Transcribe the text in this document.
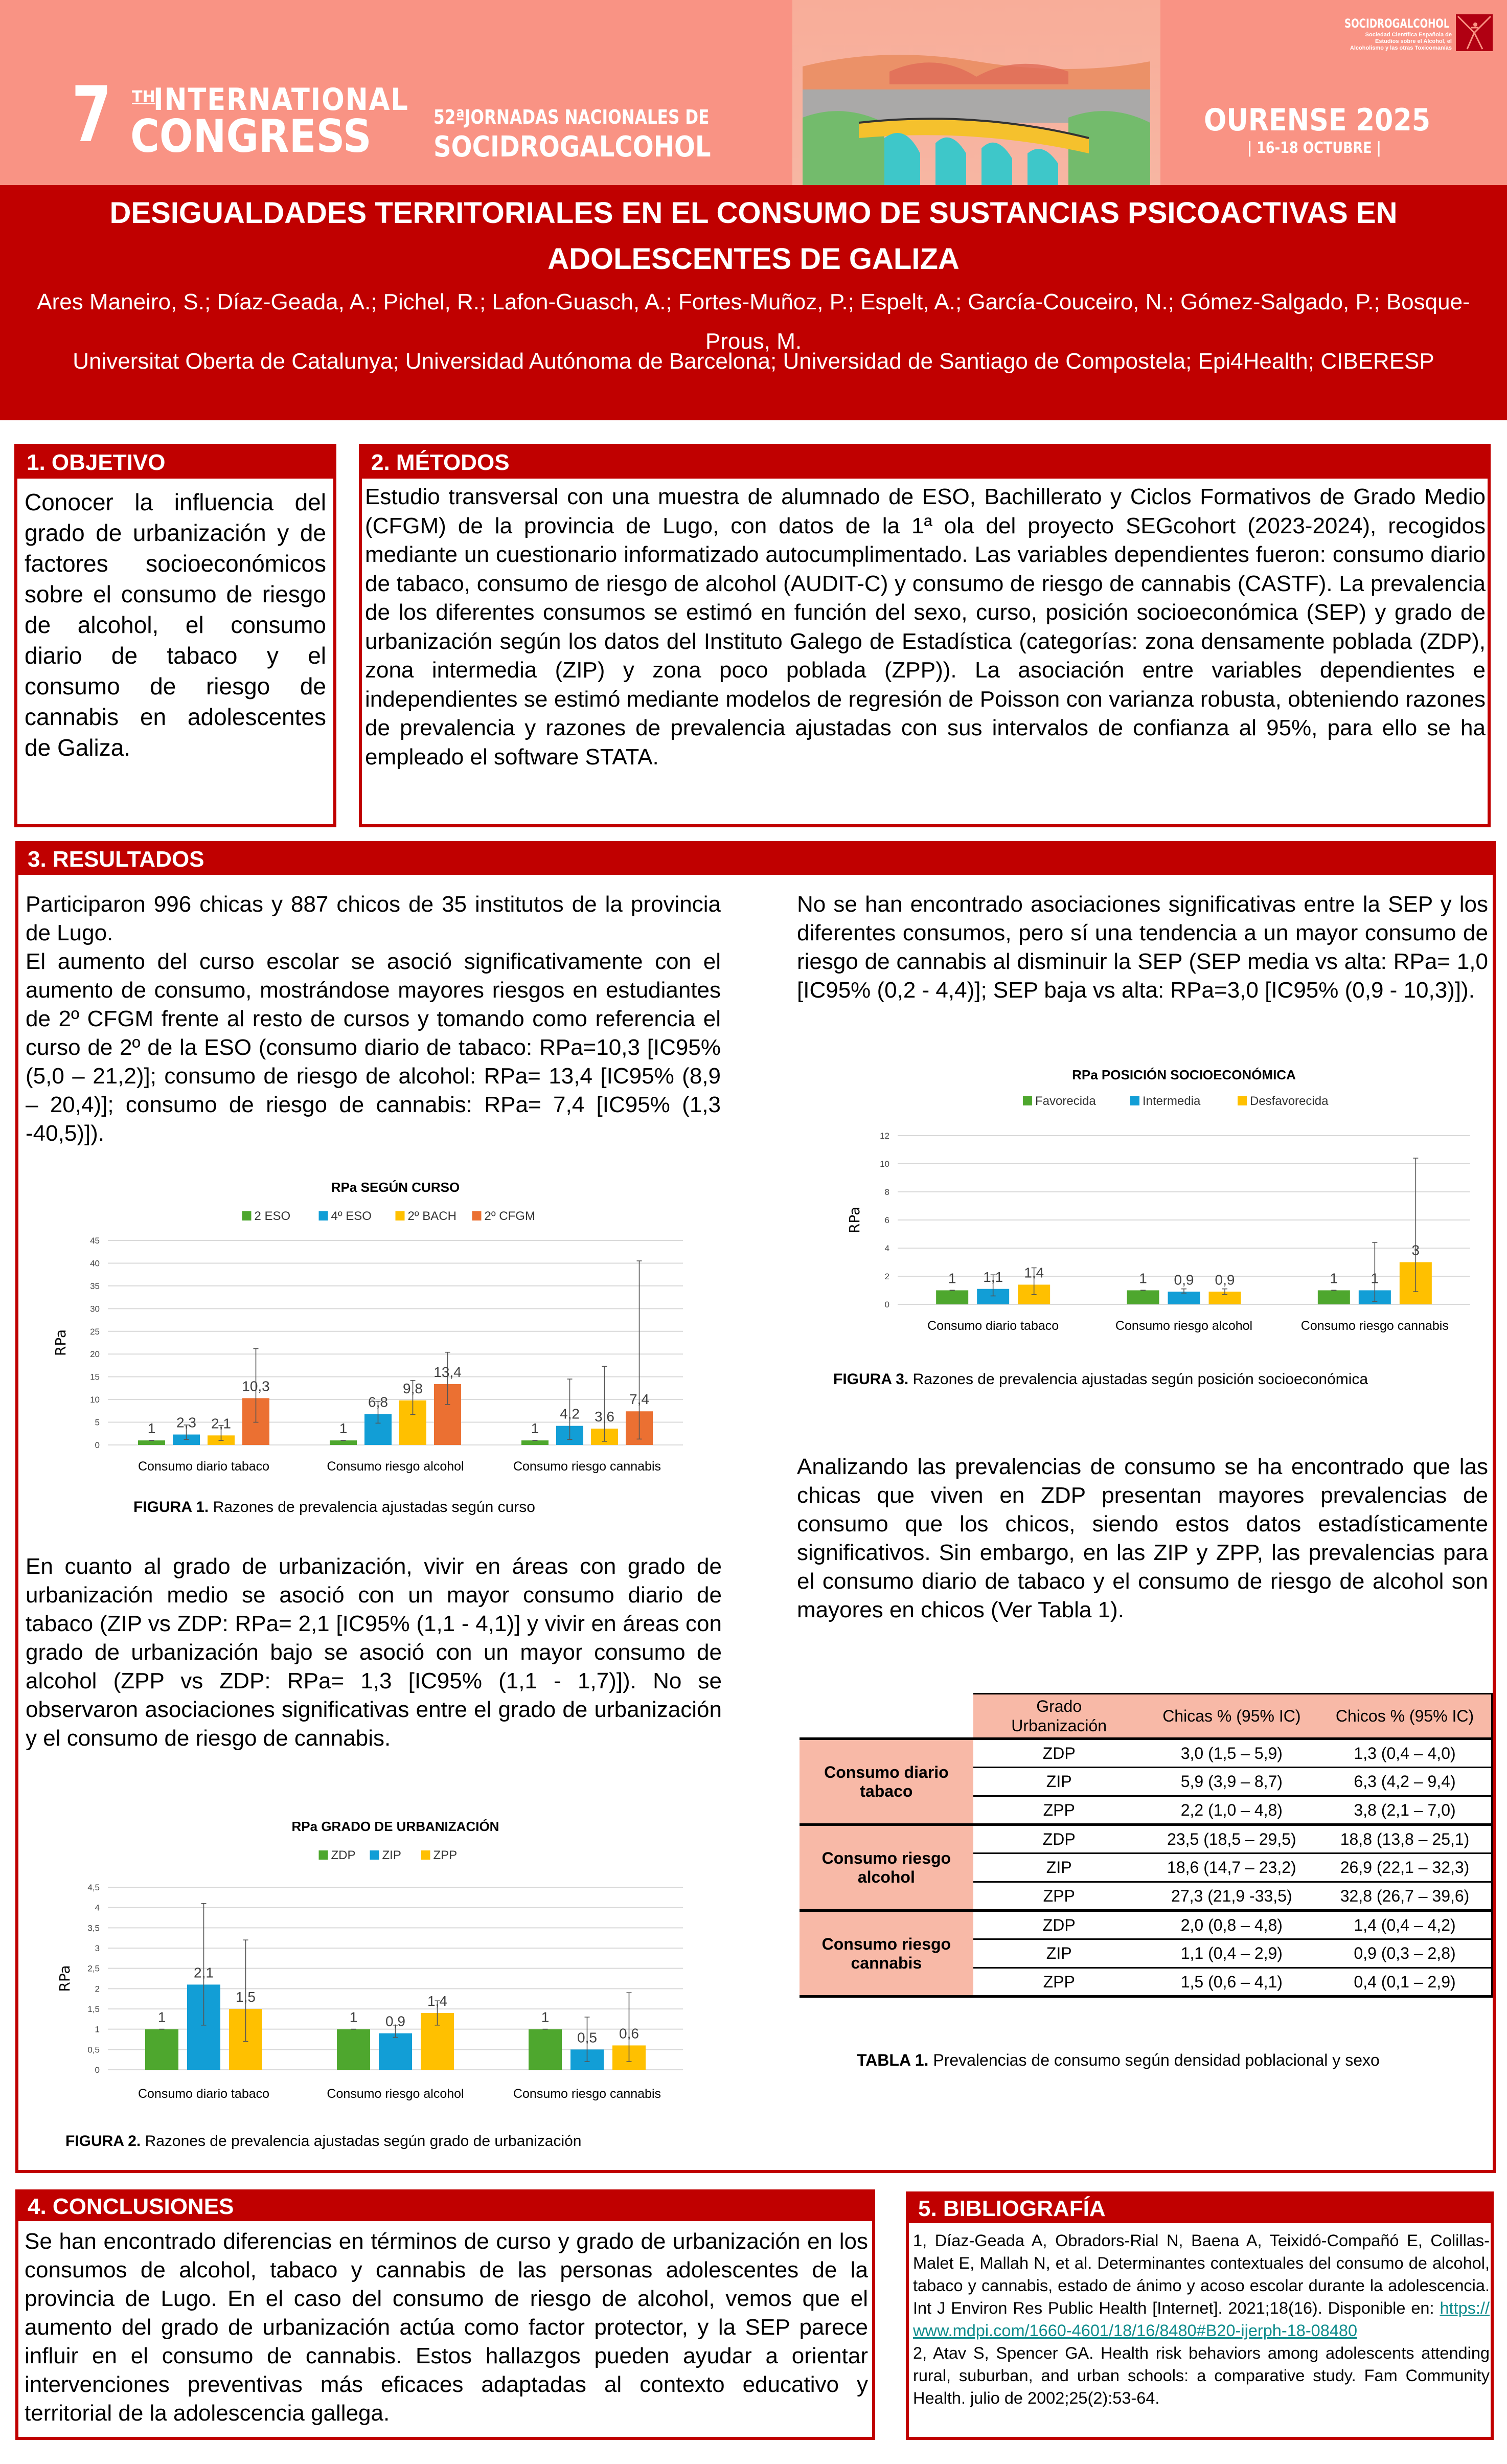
7 TH
INTERNATIONAL
CONGRESS	52ªJORNADAS NACIONALES DE
SOCIDROGALCOHOL
OURENSE 2025
| 16-18 OCTUBRE |
SOCIDROGALCOHOL
Sociedad Científica Española de Estudios sobre el Alcohol, el Alcoholismo y las otras Toxicomanías
DESIGUALDADES TERRITORIALES EN EL CONSUMO DE SUSTANCIAS PSICOACTIVAS EN ADOLESCENTES DE GALIZA
Ares Maneiro, S.; Díaz-Geada, A.; Pichel, R.; Lafon-Guasch, A.; Fortes-Muñoz, P.; Espelt, A.; García-Couceiro, N.; Gómez-Salgado, P.; Bosque-Prous, M.
Universitat Oberta de Catalunya; Universidad Autónoma de Barcelona; Universidad de Santiago de Compostela; Epi4Health; CIBERESP
1. OBJETIVO
Conocer la influencia del grado de urbanización y de factores socioeconómicos sobre el consumo de riesgo de alcohol, el consumo diario de tabaco y el consumo de riesgo de cannabis en adolescentes de Galiza.
2. MÉTODOS
Estudio transversal con una muestra de alumnado de ESO, Bachillerato y Ciclos Formativos de Grado Medio (CFGM) de la provincia de Lugo, con datos de la 1ª ola del proyecto SEGcohort (2023-2024), recogidos mediante un cuestionario informatizado autocumplimentado. Las variables dependientes fueron: consumo diario de tabaco, consumo de riesgo de alcohol (AUDIT-C) y consumo de riesgo de cannabis (CASTF). La prevalencia de los diferentes consumos se estimó en función del sexo, curso, posición socioeconómica (SEP) y grado de urbanización según los datos del Instituto Galego de Estadística (categorías: zona densamente poblada (ZDP), zona intermedia (ZIP) y zona poco poblada (ZPP)). La asociación entre variables dependientes e independientes se estimó mediante modelos de regresión de Poisson con varianza robusta, obteniendo razones de prevalencia y razones de prevalencia ajustadas con sus intervalos de confianza al 95%, para ello se ha empleado el software STATA.
3. RESULTADOS
Participaron 996 chicas y 887 chicos de 35 institutos de la provincia de Lugo.
El aumento del curso escolar se asoció significativamente con el aumento de consumo, mostrándose mayores riesgos en estudiantes de 2º CFGM frente al resto de cursos y tomando como referencia el curso de 2º de la ESO (consumo diario de tabaco: RPa=10,3 [IC95% (5,0 – 21,2)]; consumo de riesgo de alcohol: RPa= 13,4 [IC95% (8,9 – 20,4)]; consumo de riesgo de cannabis: RPa= 7,4 [IC95% (1,3 -40,5)]).
RPa SEGÚN CURSO
2 ESO	4º ESO	2º BACH 2º CFGM
0
5
10
15
20
25
30
35
40
45
RPa
1 2,3 2,1
10,3
Consumo diario tabaco
1
6,8
9,8
13,4
Consumo riesgo alcohol
1
4,2 3,6
7,4
Consumo riesgo cannabis
FIGURA 1. Razones de prevalencia ajustadas según curso
En cuanto al grado de urbanización, vivir en áreas con grado de urbanización medio se asoció con un mayor consumo diario de tabaco (ZIP vs ZDP: RPa= 2,1 [IC95% (1,1 - 4,1)] y vivir en áreas con grado de urbanización bajo se asoció con un mayor consumo de alcohol (ZPP vs ZDP: RPa= 1,3 [IC95% (1,1 - 1,7)]). No se observaron asociaciones significativas entre el grado de urbanización y el consumo de riesgo de cannabis.
RPa GRADO DE URBANIZACIÓN
ZDP ZIP	ZPP
0
0,5
1
1,5
2
2,5
3
3,5
4
4,5
RPa
1
2,1
1,5
Consumo diario tabaco
1 0,9
1,4
Consumo riesgo alcohol
1
0,5 0,6
Consumo riesgo cannabis
FIGURA 2. Razones de prevalencia ajustadas según grado de urbanización
No se han encontrado asociaciones significativas entre la SEP y los diferentes consumos, pero sí una tendencia a un mayor consumo de riesgo de cannabis al disminuir la SEP (SEP media vs alta: RPa= 1,0 [IC95% (0,2 - 4,4)]; SEP baja vs alta: RPa=3,0 [IC95% (0,9 - 10,3)]).
RPa POSICIÓN SOCIOECONÓMICA
Favorecida	Intermedia	Desfavorecida
0
2
4
6
8
10
12
RPa
1 1,1 1,4
Consumo diario tabaco
1 0,9 0,9
Consumo riesgo alcohol
1 1
3
Consumo riesgo cannabis
FIGURA 3. Razones de prevalencia ajustadas según posición socioeconómica
Analizando las prevalencias de consumo se ha encontrado que las chicas que viven en ZDP presentan mayores prevalencias de consumo que los chicos, siendo estos datos estadísticamente significativos. Sin embargo, en las ZIP y ZPP, las prevalencias para el consumo diario de tabaco y el consumo de riesgo de alcohol son mayores en chicos (Ver Tabla 1).
	Grado Urbanización	Chicas % (95% IC)	Chicos % (95% IC)
Consumo diario tabaco	ZDP	3,0 (1,5 – 5,9)	1,3 (0,4 – 4,0)
	ZIP	5,9 (3,9 – 8,7)	6,3 (4,2 – 9,4)
	ZPP	2,2 (1,0 – 4,8)	3,8 (2,1 – 7,0)
Consumo riesgo alcohol	ZDP	23,5 (18,5 – 29,5)	18,8 (13,8 – 25,1)
	ZIP	18,6 (14,7 – 23,2)	26,9 (22,1 – 32,3)
	ZPP	27,3 (21,9 -33,5)	32,8 (26,7 – 39,6)
Consumo riesgo cannabis	ZDP	2,0 (0,8 – 4,8)	1,4 (0,4 – 4,2)
	ZIP	1,1 (0,4 – 2,9)	0,9 (0,3 – 2,8)
	ZPP	1,5 (0,6 – 4,1)	0,4 (0,1 – 2,9)
TABLA 1. Prevalencias de consumo según densidad poblacional y sexo
4. CONCLUSIONES
Se han encontrado diferencias en términos de curso y grado de urbanización en los consumos de alcohol, tabaco y cannabis de las personas adolescentes de la provincia de Lugo. En el caso del consumo de riesgo de alcohol, vemos que el aumento del grado de urbanización actúa como factor protector, y la SEP parece influir en el consumo de cannabis. Estos hallazgos pueden ayudar a orientar intervenciones preventivas más eficaces adaptadas al contexto educativo y territorial de la adolescencia gallega.
5. BIBLIOGRAFÍA
1, Díaz-Geada A, Obradors-Rial N, Baena A, Teixidó-Compañó E, Colillas-Malet E, Mallah N, et al. Determinantes contextuales del consumo de alcohol, tabaco y cannabis, estado de ánimo y acoso escolar durante la adolescencia. Int J Environ Res Public Health [Internet]. 2021;18(16). Disponible en: https://www.mdpi.com/1660-4601/18/16/8480#B20-ijerph-18-08480
2, Atav S, Spencer GA. Health risk behaviors among adolescents attending rural, suburban, and urban schools: a comparative study. Fam Community Health. julio de 2002;25(2):53-64.
